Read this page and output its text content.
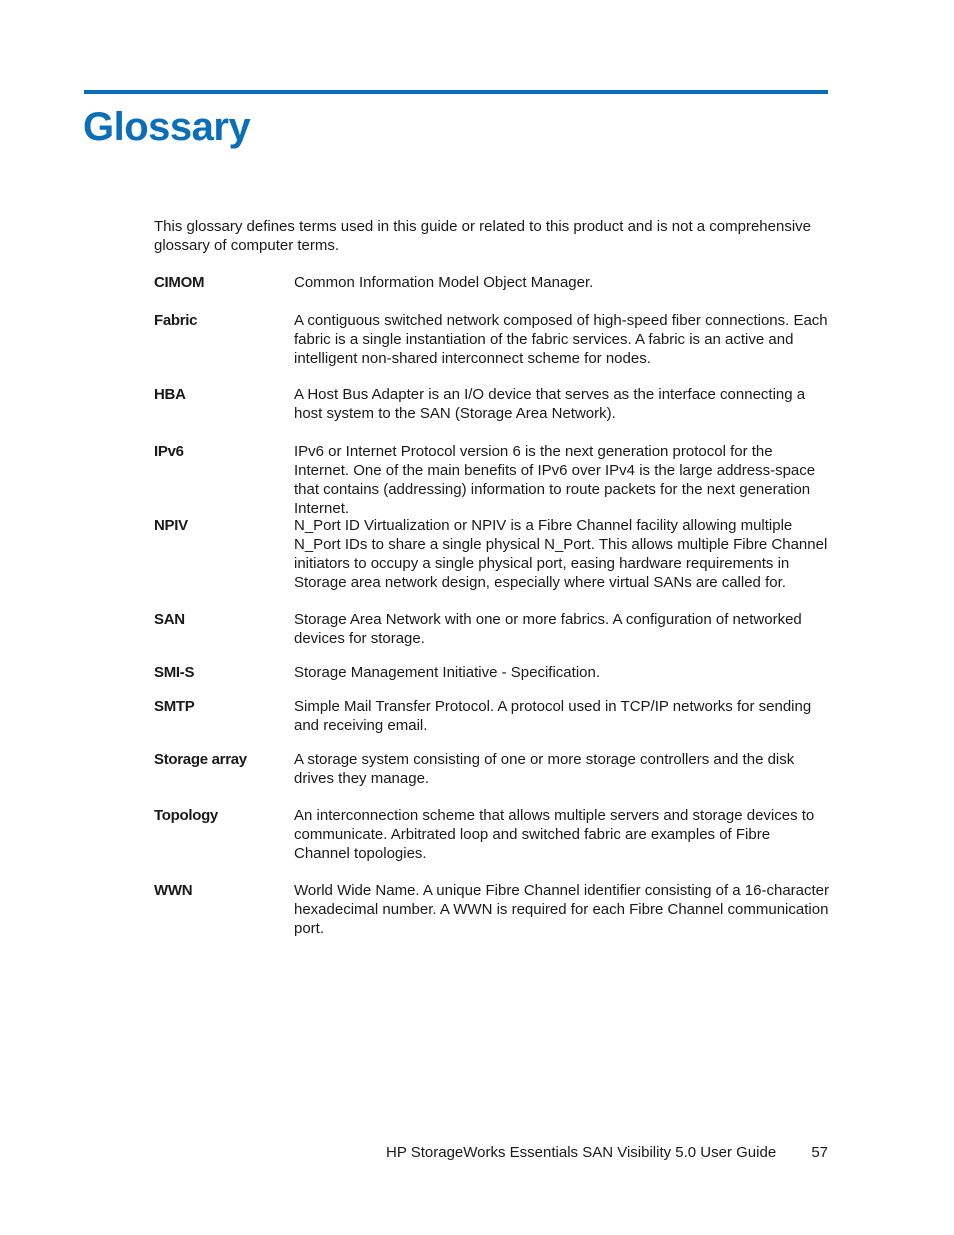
Glossary

This glossary defines terms used in this guide or related to this product and is not a comprehensive glossary of computer terms.

CIMOM	Common Information Model Object Manager.
Fabric	A contiguous switched network composed of high-speed fiber connections. Each fabric is a single instantiation of the fabric services. A fabric is an active and intelligent non-shared interconnect scheme for nodes.
HBA	A Host Bus Adapter is an I/O device that serves as the interface connecting a host system to the SAN (Storage Area Network).
IPv6	IPv6 or Internet Protocol version 6 is the next generation protocol for the Internet. One of the main benefits of IPv6 over IPv4 is the large address-space that contains (addressing) information to route packets for the next generation Internet.
NPIV	N_Port ID Virtualization or NPIV is a Fibre Channel facility allowing multiple N_Port IDs to share a single physical N_Port. This allows multiple Fibre Channel initiators to occupy a single physical port, easing hardware requirements in Storage area network design, especially where virtual SANs are called for.
SAN	Storage Area Network with one or more fabrics. A configuration of networked devices for storage.
SMI-S	Storage Management Initiative - Specification.
SMTP	Simple Mail Transfer Protocol. A protocol used in TCP/IP networks for sending and receiving email.
Storage array	A storage system consisting of one or more storage controllers and the disk drives they manage.
Topology	An interconnection scheme that allows multiple servers and storage devices to communicate. Arbitrated loop and switched fabric are examples of Fibre Channel topologies.
WWN	World Wide Name. A unique Fibre Channel identifier consisting of a 16-character hexadecimal number. A WWN is required for each Fibre Channel communication port.
HP StorageWorks Essentials SAN Visibility 5.0 User Guide 57
